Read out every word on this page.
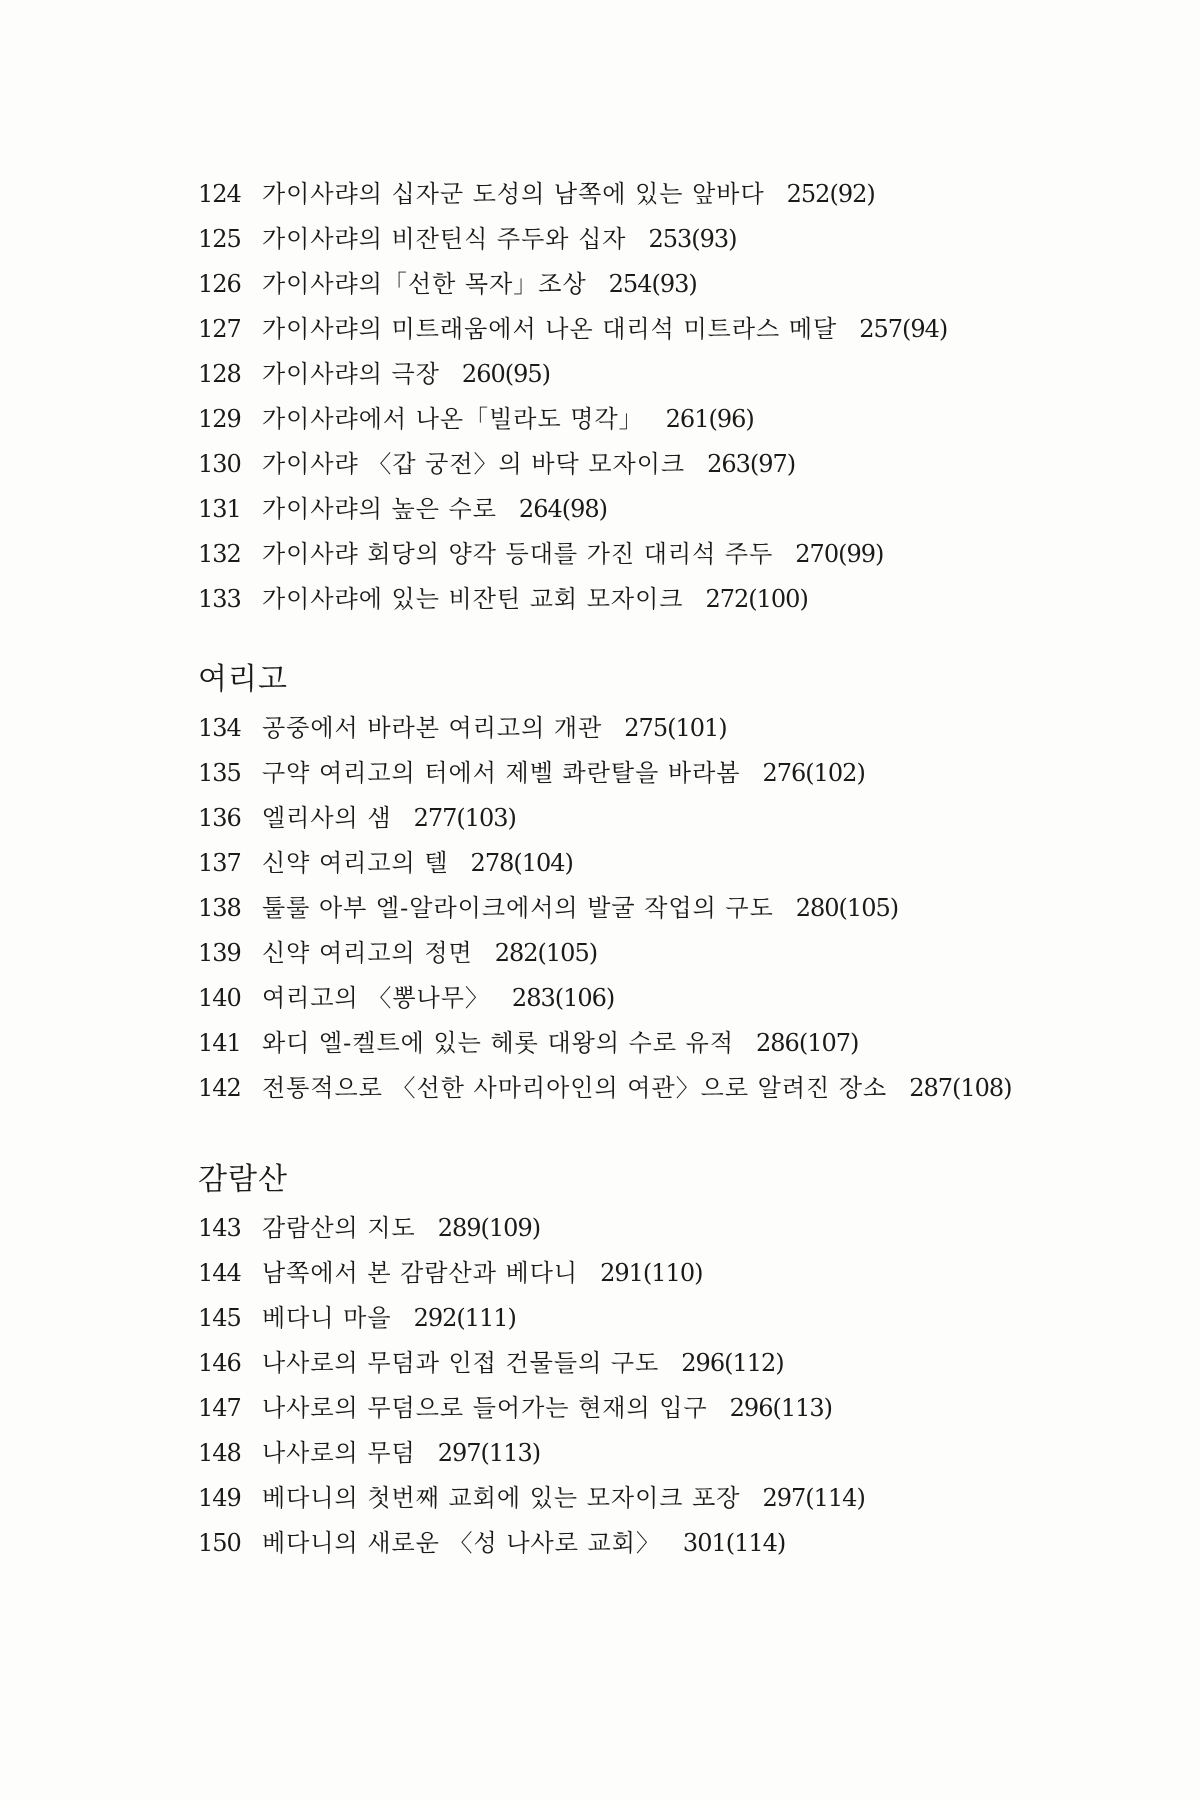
124 가이사랴의 십자군 도성의 남쪽에 있는 앞바다 252(92)
125 가이사랴의 비잔틴식 주두와 십자 253(93)
126 가이사랴의「선한 목자」조상 254(93)
127 가이사랴의 미트래움에서 나온 대리석 미트라스 메달 257(94)
128 가이사랴의 극장 260(95)
129 가이사랴에서 나온「빌라도 명각」 261(96)
130 가이사랴 〈갑 궁전〉의 바닥 모자이크 263(97)
131 가이사랴의 높은 수로 264(98)
132 가이사랴 회당의 양각 등대를 가진 대리석 주두 270(99)
133 가이사랴에 있는 비잔틴 교회 모자이크 272(100)
여리고
134 공중에서 바라본 여리고의 개관 275(101)
135 구약 여리고의 터에서 제벨 콰란탈을 바라봄 276(102)
136 엘리사의 샘 277(103)
137 신약 여리고의 텔 278(104)
138 툴룰 아부 엘-알라이크에서의 발굴 작업의 구도 280(105)
139 신약 여리고의 정면 282(105)
140 여리고의 〈뽕나무〉 283(106)
141 와디 엘-켈트에 있는 헤롯 대왕의 수로 유적 286(107)
142 전통적으로 〈선한 사마리아인의 여관〉으로 알려진 장소 287(108)
감람산
143 감람산의 지도 289(109)
144 남쪽에서 본 감람산과 베다니 291(110)
145 베다니 마을 292(111)
146 나사로의 무덤과 인접 건물들의 구도 296(112)
147 나사로의 무덤으로 들어가는 현재의 입구 296(113)
148 나사로의 무덤 297(113)
149 베다니의 첫번째 교회에 있는 모자이크 포장 297(114)
150 베다니의 새로운 〈성 나사로 교회〉 301(114)
